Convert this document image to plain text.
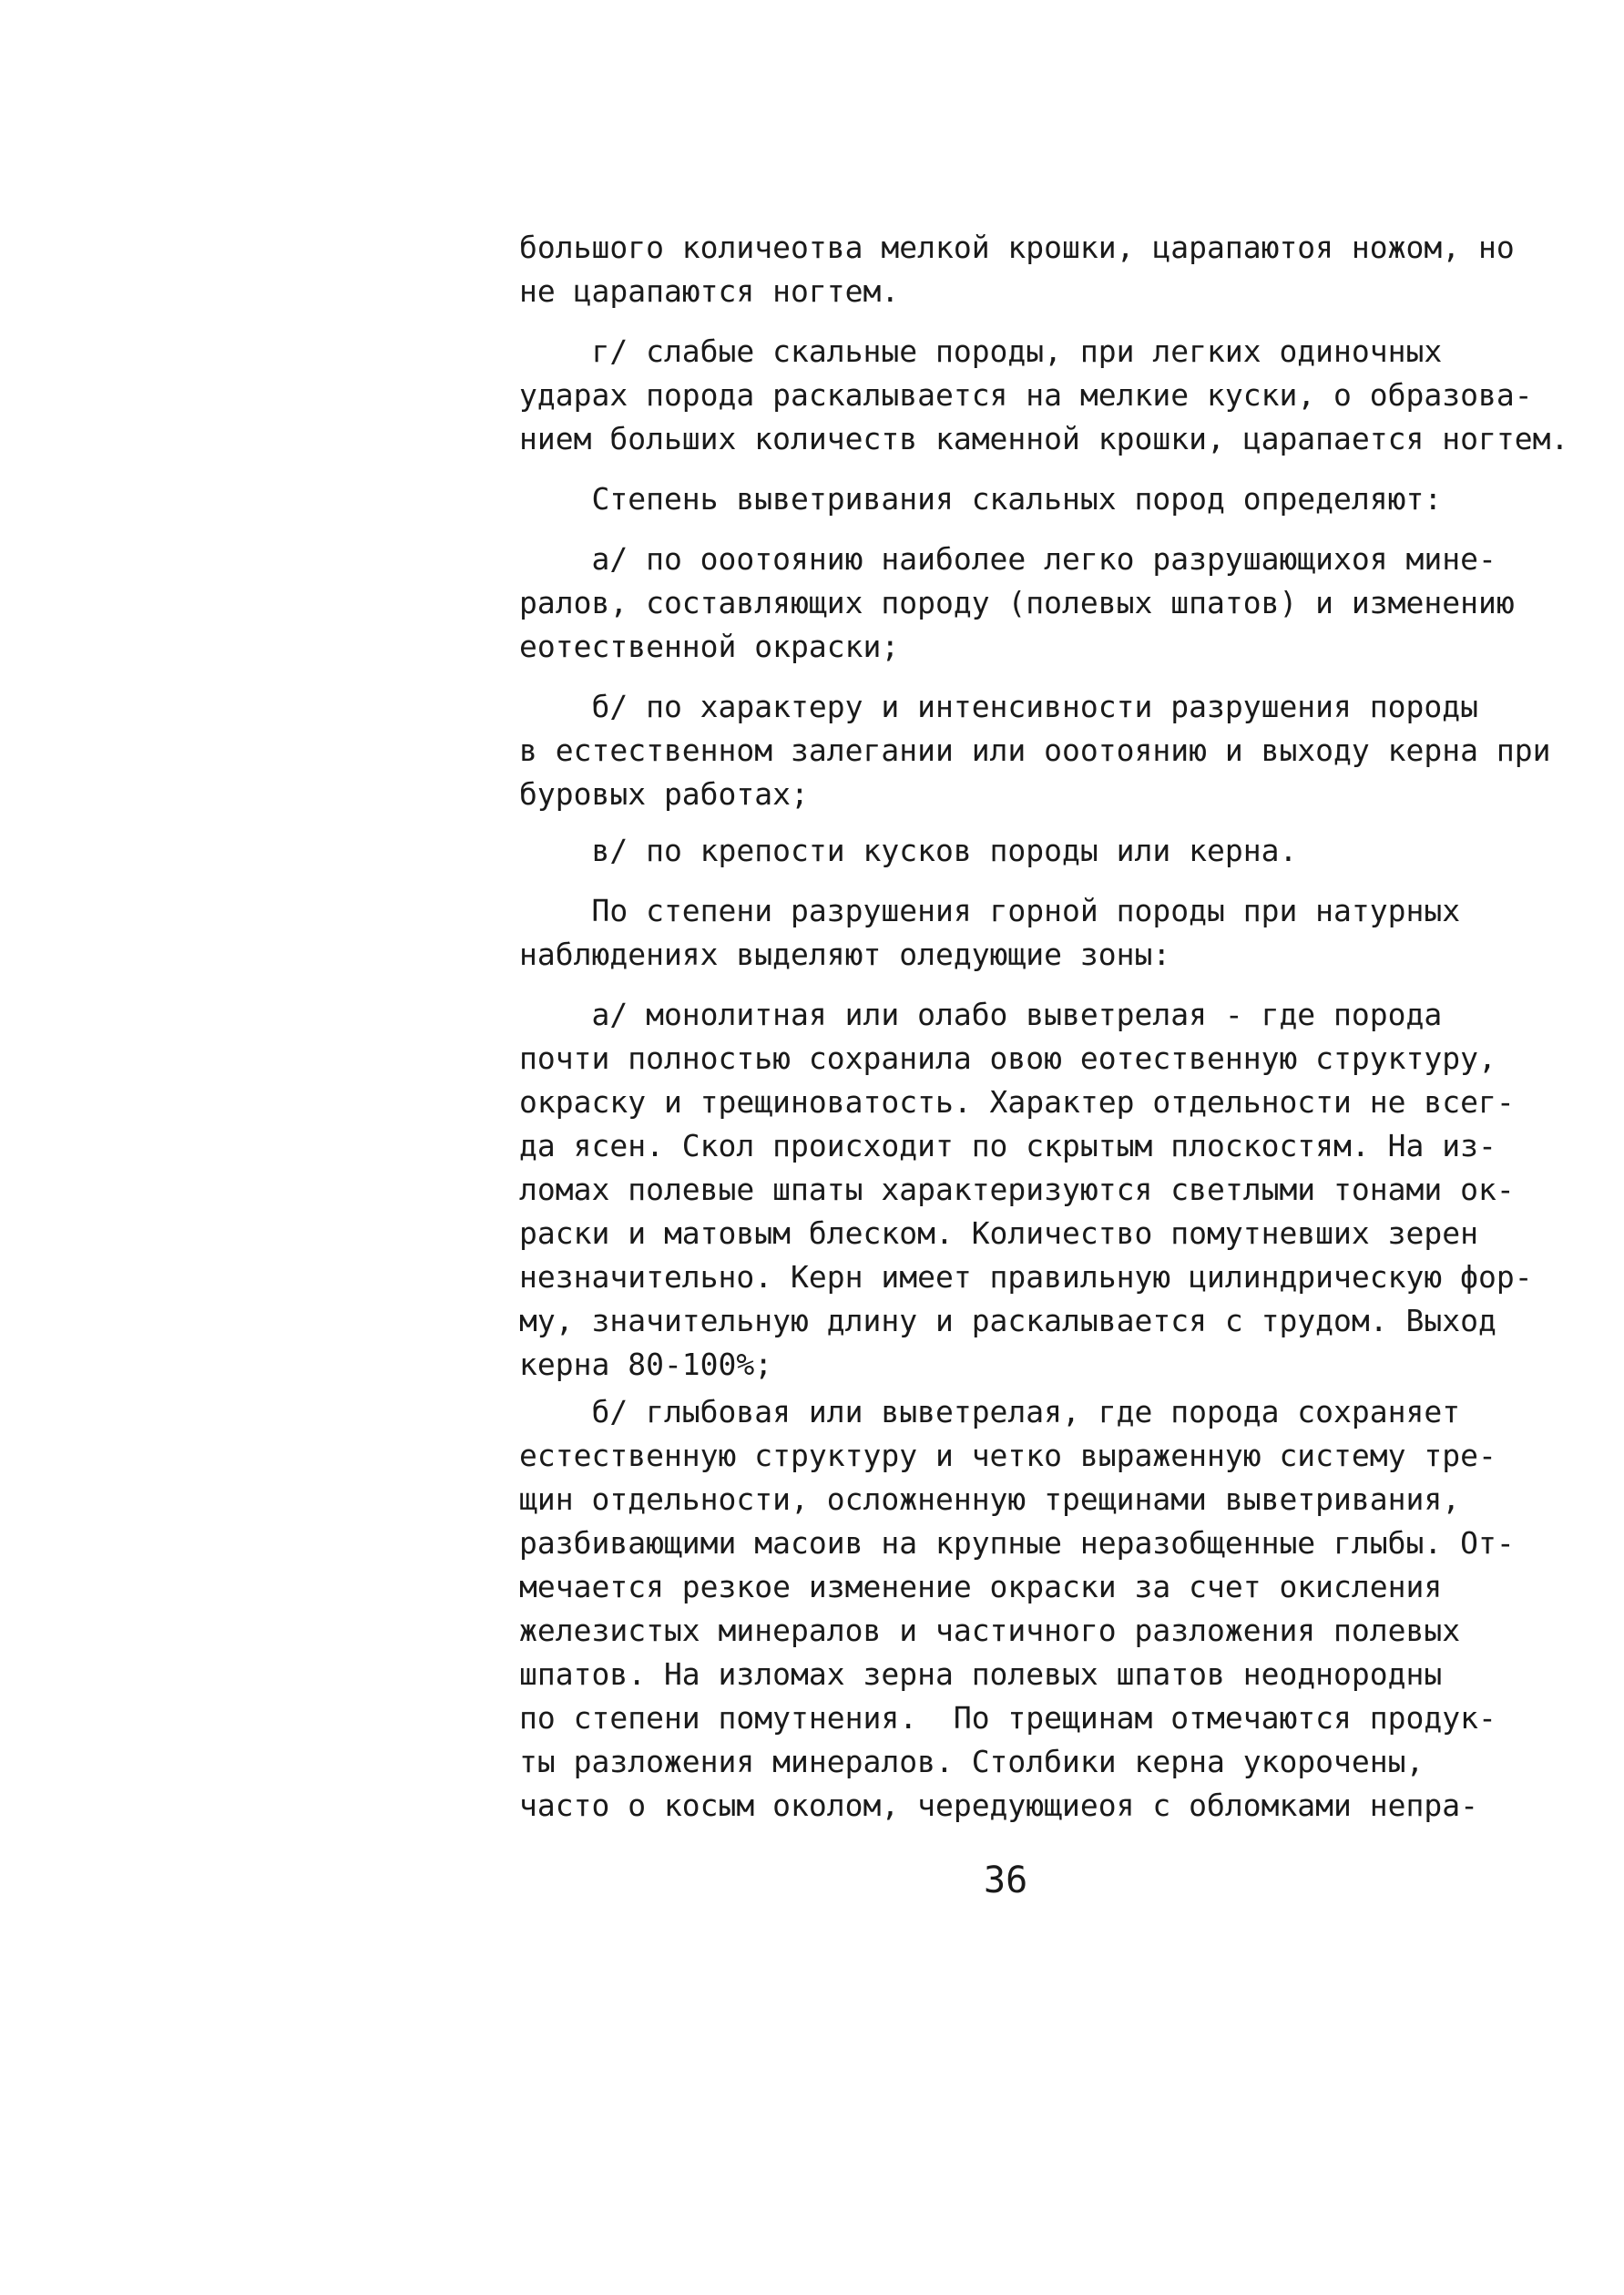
большого количеотва мелкой крошки, царапаютоя ножом, но
не царапаются ногтем.

г/ слабые скальные породы, при легких одиночных
ударах порода раскалывается на мелкие куски, о образова-
нием больших количеств каменной крошки, царапается ногтем.

Степень выветривания скальных пород определяют:

а/ по ооотоянию наиболее легко разрушающихоя мине-
ралов, составляющих породу (полевых шпатов) и изменению
еотественной окраски;

б/ по характеру и интенсивности разрушения породы
в естественном залегании или ооотоянию и выходу керна при
буровых работах;

в/ по крепости кусков породы или керна.

По степени разрушения горной породы при натурных
наблюдениях выделяют оледующие зоны:

а/ монолитная или олабо выветрелая - где порода
почти полностью сохранила овою еотественную структуру,
окраску и трещиноватость. Характер отдельности не всег-
да ясен. Скол происходит по скрытым плоскостям. На из-
ломах полевые шпаты характеризуются светлыми тонами ок-
раски и матовым блеском. Количество помутневших зерен
незначительно. Керн имеет правильную цилиндрическую фор-
му, значительную длину и раскалывается с трудом. Выход
керна 80-100%;

б/ глыбовая или выветрелая, где порода сохраняет
естественную структуру и четко выраженную систему тре-
щин отдельности, осложненную трещинами выветривания,
разбивающими масоив на крупные неразобщенные глыбы. От-
мечается резкое изменение окраски за счет окисления
железистых минералов и частичного разложения полевых
шпатов. На изломах зерна полевых шпатов неоднородны
по степени помутнения.  По трещинам отмечаются продук-
ты разложения минералов. Столбики керна укорочены,
часто о косым околом, чередующиеоя с обломками непра-

36
